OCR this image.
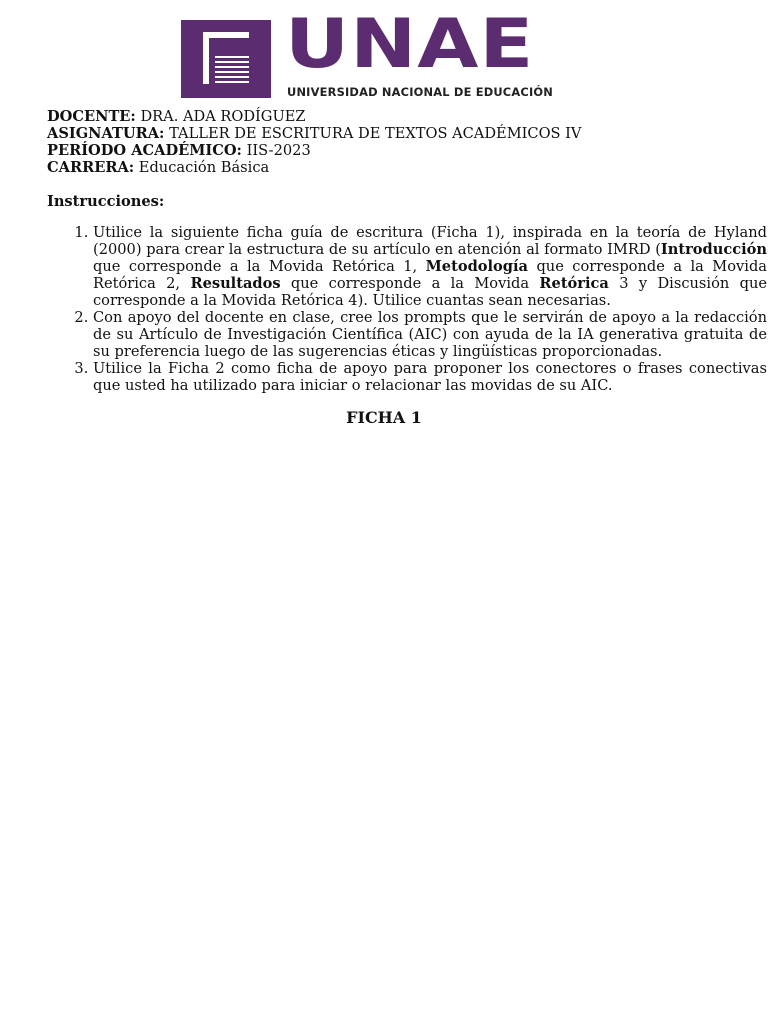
UNAE
UNIVERSIDAD NACIONAL DE EDUCACIÓN
DOCENTE: DRA. ADA RODÍGUEZ
ASIGNATURA: TALLER DE ESCRITURA DE TEXTOS ACADÉMICOS IV
PERÍODO ACADÉMICO: IIS-2023
CARRERA: Educación Básica
Instrucciones:
1. Utilice la siguiente ficha guía de escritura (Ficha 1), inspirada en la teoría de Hyland (2000) para crear la estructura de su artículo en atención al formato IMRD (Introducción que corresponde a la Movida Retórica 1, Metodología que corresponde a la Movida Retórica 2, Resultados que corresponde a la Movida Retórica 3 y Discusión que corresponde a la Movida Retórica 4). Utilice cuantas sean necesarias.
2. Con apoyo del docente en clase, cree los prompts que le servirán de apoyo a la redacción de su Artículo de Investigación Científica (AIC) con ayuda de la IA generativa gratuita de su preferencia luego de las sugerencias éticas y lingüísticas proporcionadas.
3. Utilice la Ficha 2 como ficha de apoyo para proponer los conectores o frases conectivas que usted ha utilizado para iniciar o relacionar las movidas de su AIC.
FICHA 1
